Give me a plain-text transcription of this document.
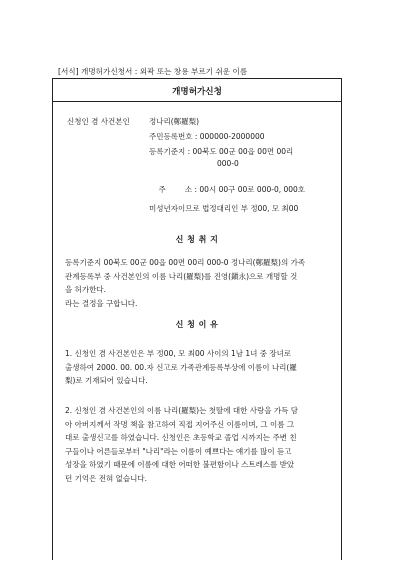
[서식] 개명허가신청서 : 외곽 또는 창용 부르기 쉬운 이름
개명허가신청
신청인 겸 사건본인	정나리(鄭羅梨)
주민등록번호 : 000000-2000000
등록기준지 : 00북도 00군 00읍 00면 00리
000-0

주        소 : 00시 00구 00로 000-0, 000호

미성년자이므로 법정대리인 부 정00, 모 최00
신 청 취 지
등록기준지 00북도 00군 00읍 00면 00리 000-0 정나리(鄭羅梨)의 가족
관계등록부 중 사건본인의 이름 나리(羅梨)를 진영(鎭永)으로 개명할 것
을 허가한다.
라는 결정을 구합니다.
신 청 이 유
1. 신청인 겸 사건본인은 부 정00, 모 최00 사이의 1남 1녀 중 장녀로
출생하여 2000. 00. 00.자 신고로 가족관계등록부상에 이름이 나리(羅
梨)로 기재되어 있습니다.
2. 신청인 겸 사건본인의 이름 나리(羅梨)는 첫딸에 대한 사랑을 가득 담
아 아버지께서 작명 책을 참고하여 직접 지어주신 이름이며, 그 이름 그
대로 출생신고를 하였습니다. 신청인은 초등학교 졸업 시까지는 주변 친
구들이나 어른들로부터 "나리"라는 이름이 예쁘다는 얘기를 많이 듣고
성장을 하였기 때문에 이름에 대한 어떠한 불편함이나 스트레스를 받았
던 기억은 전혀 없습니다.
